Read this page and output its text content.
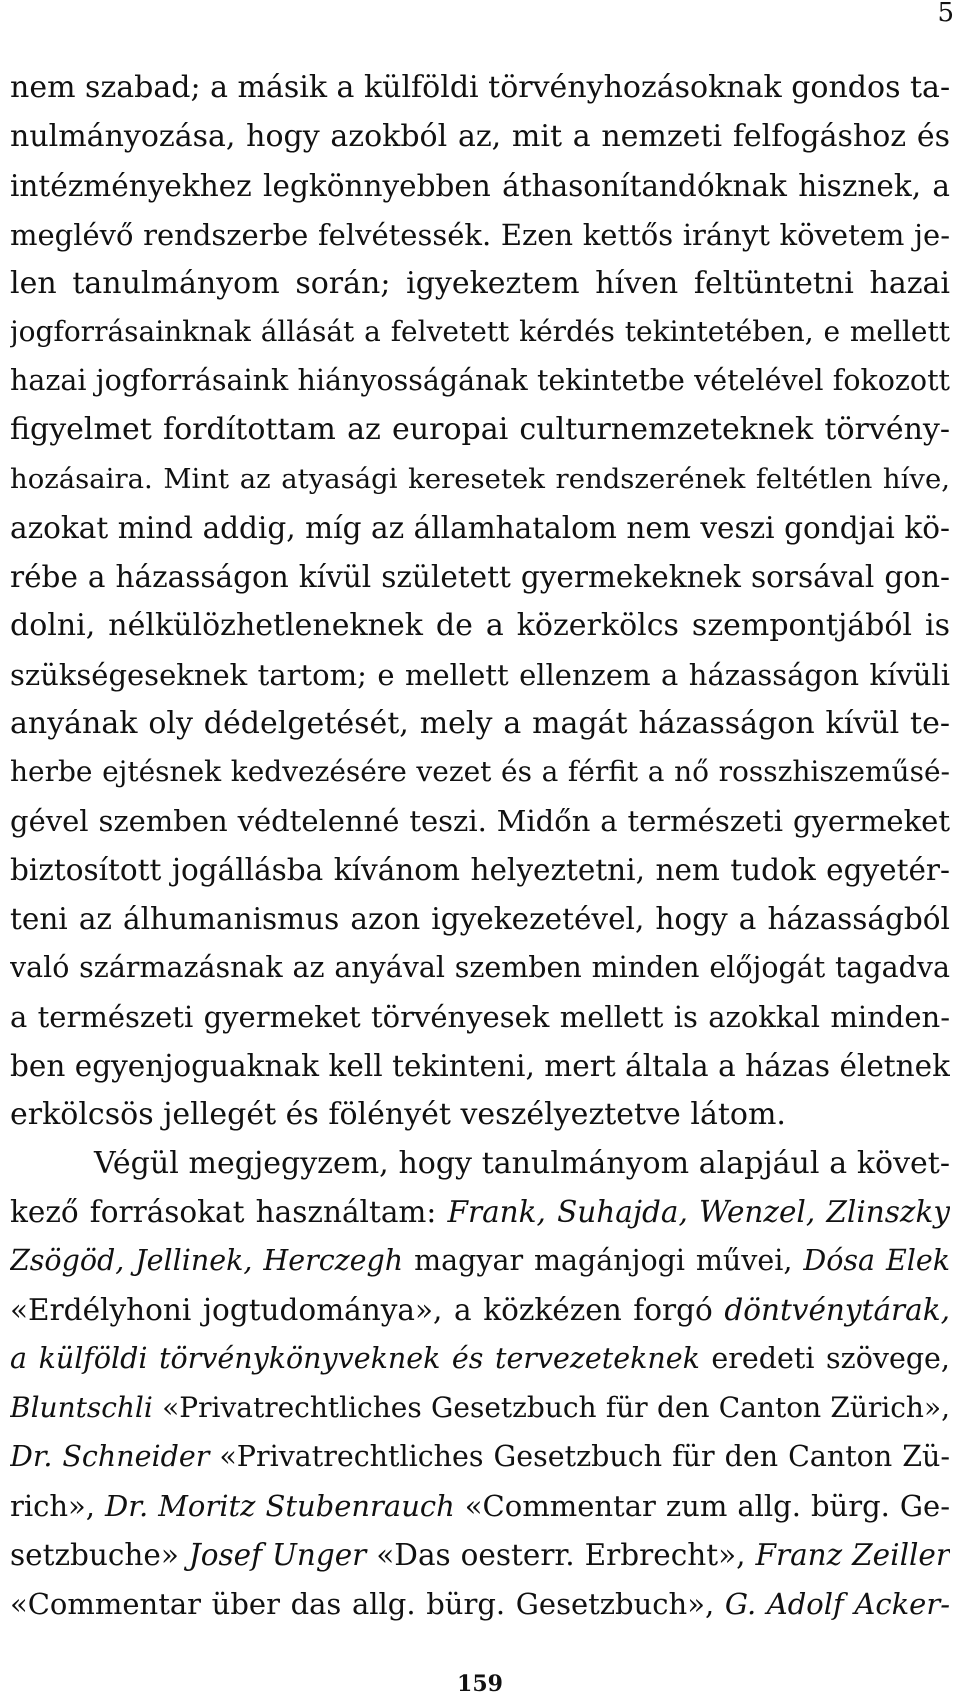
5
nem szabad; a másik a külföldi törvényhozásoknak gondos ta-
nulmányozása, hogy azokból az, mit a nemzeti felfogáshoz és
intézményekhez legkönnyebben áthasonítandóknak hisznek, a
meglévő rendszerbe felvétessék. Ezen kettős irányt követem je-
len tanulmányom során; igyekeztem híven feltüntetni hazai
jogforrásainknak állását a felvetett kérdés tekintetében, e mellett
hazai jogforrásaink hiányosságának tekintetbe vételével fokozott
figyelmet fordítottam az europai culturnemzeteknek törvény-
hozásaira. Mint az atyasági keresetek rendszerének feltétlen híve,
azokat mind addig, míg az államhatalom nem veszi gondjai kö-
rébe a házasságon kívül született gyermekeknek sorsával gon-
dolni, nélkülözhetleneknek de a közerkölcs szempontjából is
szükségeseknek tartom; e mellett ellenzem a házasságon kívüli
anyának oly dédelgetését, mely a magát házasságon kívül te-
herbe ejtésnek kedvezésére vezet és a férfit a nő rosszhiszeműsé-
gével szemben védtelenné teszi. Midőn a természeti gyermeket
biztosított jogállásba kívánom helyeztetni, nem tudok egyetér-
teni az álhumanismus azon igyekezetével, hogy a házasságból
való származásnak az anyával szemben minden előjogát tagadva
a természeti gyermeket törvényesek mellett is azokkal minden-
ben egyenjoguaknak kell tekinteni, mert általa a házas életnek
erkölcsös jellegét és fölényét veszélyeztetve látom.
Végül megjegyzem, hogy tanulmányom alapjául a követ-
kező forrásokat használtam: Frank, Suhajda, Wenzel, Zlinszky
Zsögöd, Jellinek, Herczegh magyar magánjogi művei, Dósa Elek
«Erdélyhoni jogtudománya», a közkézen forgó döntvénytárak,
a külföldi törvénykönyveknek és tervezeteknek eredeti szövege,
Bluntschli «Privatrechtliches Gesetzbuch für den Canton Zürich»,
Dr. Schneider «Privatrechtliches Gesetzbuch für den Canton Zü-
rich», Dr. Moritz Stubenrauch «Commentar zum allg. bürg. Ge-
setzbuche» Josef Unger «Das oesterr. Erbrecht», Franz Zeiller
«Commentar über das allg. bürg. Gesetzbuch», G. Adolf Acker-
159
